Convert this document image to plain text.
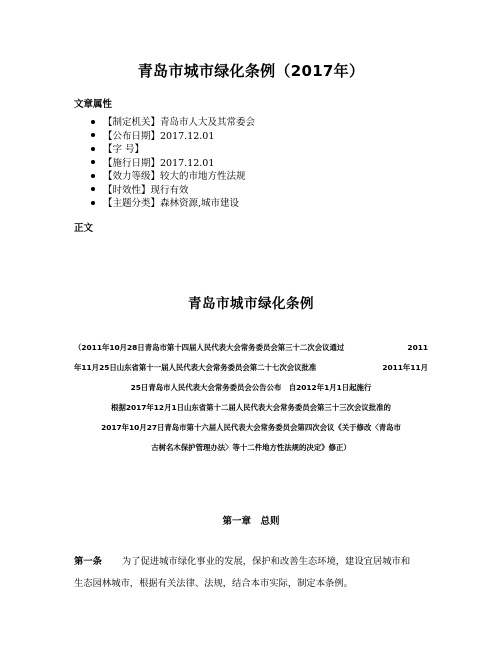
青岛市城市绿化条例（2017年）
文章属性
【制定机关】青岛市人大及其常委会
【公布日期】2017.12.01
【字 号】
【施行日期】2017.12.01
【效力等级】较大的市地方性法规
【时效性】现行有效
【主题分类】森林资源,城市建设
正文
青岛市城市绿化条例
（2011年10月28日青岛市第十四届人民代表大会常务委员会第三十二次会议通过	2011
年11月25日山东省第十一届人民代表大会常务委员会第二十七次会议批准	2011年11月
25日青岛市人民代表大会常务委员会公告公布　自2012年1月1日起施行
根据2017年12月1日山东省第十二届人民代表大会常务委员会第三十三次会议批准的
2017年10月27日青岛市第十六届人民代表大会常务委员会第四次会议《关于修改〈青岛市
古树名木保护管理办法〉等十二件地方性法规的决定》修正）
第一章　总则
第一条 为了促进城市绿化事业的发展，保护和改善生态环境，建设宜居城市和
生态园林城市，根据有关法律、法规，结合本市实际，制定本条例。
